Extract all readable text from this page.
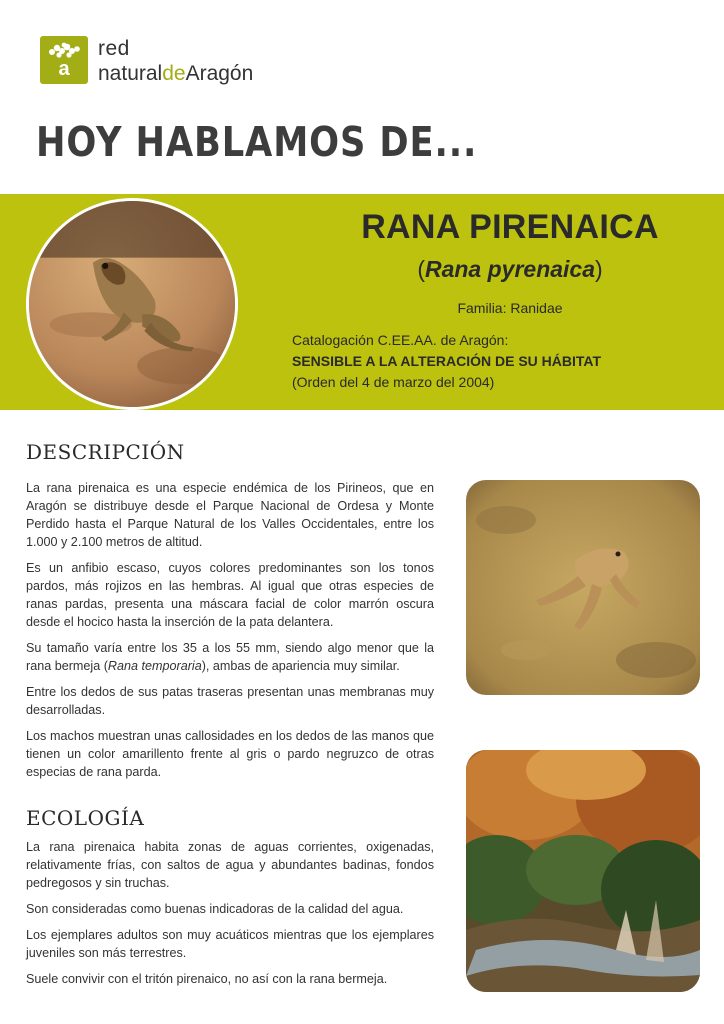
a
red
naturaldeAragón
HOY HABLAMOS DE...
RANA PIRENAICA
(Rana pyrenaica)
Familia: Ranidae
Catalogación C.EE.AA. de Aragón:
SENSIBLE A LA ALTERACIÓN DE SU HÁBITAT
(Orden del 4 de marzo del 2004)
DESCRIPCIÓN

La rana pirenaica es una especie endémica de los Pirineos, que en Aragón se distribuye desde el Parque Nacional de Ordesa y Monte Perdido hasta el Parque Natural de los Valles Occidentales, entre los 1.000 y 2.100 metros de altitud.

Es un anfibio escaso, cuyos colores predominantes son los tonos pardos, más rojizos en las hembras. Al igual que otras especies de ranas pardas, presenta una máscara facial de color marrón oscura desde el hocico hasta la inserción de la pata delantera.

Su tamaño varía entre los 35 a los 55 mm, siendo algo menor que la rana bermeja (Rana temporaria), ambas de apariencia muy similar.

Entre los dedos de sus patas traseras presentan unas membranas muy desarrolladas.

Los machos muestran unas callosidades en los dedos de las manos que tienen un color amarillento frente al gris o pardo negruzco de otras especias de rana parda.

ECOLOGÍA

La rana pirenaica habita zonas de aguas corrientes, oxigenadas, relativamente frías, con saltos de agua y abundantes badinas, fondos pedregosos y sin truchas.

Son consideradas como buenas indicadoras de la calidad del agua.

Los ejemplares adultos son muy acuáticos mientras que los ejemplares juveniles son más terrestres.

Suele convivir con el tritón pirenaico, no así con la rana bermeja.
